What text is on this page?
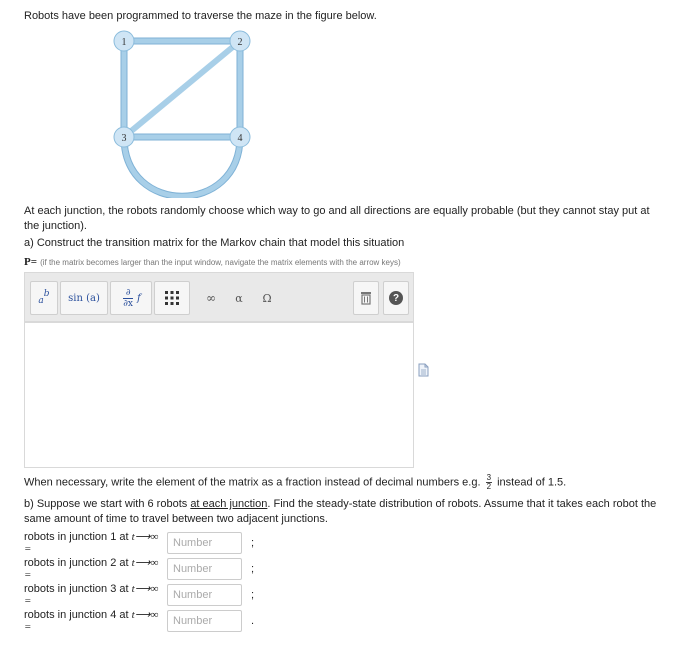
Robots have been programmed to traverse the maze in the figure below.
1	2
3	4
At each junction, the robots randomly choose which way to go and all directions are equally probable (but they cannot stay put at the junction).
a) Construct the transition matrix for the Markov chain that model this situation
P= (if the matrix becomes larger than the input window, navigate the matrix elements with the arrow keys)
a
b	sin (a)	$\frac{\partial}{\partial x}$ f	∞	α	Ω	?
When necessary, write the element of the matrix as a fraction instead of decimal numbers e.g. $\frac{3}{2}$ instead of 1.5.
b) Suppose we start with 6 robots at each junction. Find the steady-state distribution of robots. Assume that it takes each robot the same amount of time to travel between two adjacent junctions.
robots in junction 1 at t⟶∞ =
Number
;
robots in junction 2 at t⟶∞ =
Number
;
robots in junction 3 at t⟶∞ =
Number
;
robots in junction 4 at t⟶∞ =
Number
.
